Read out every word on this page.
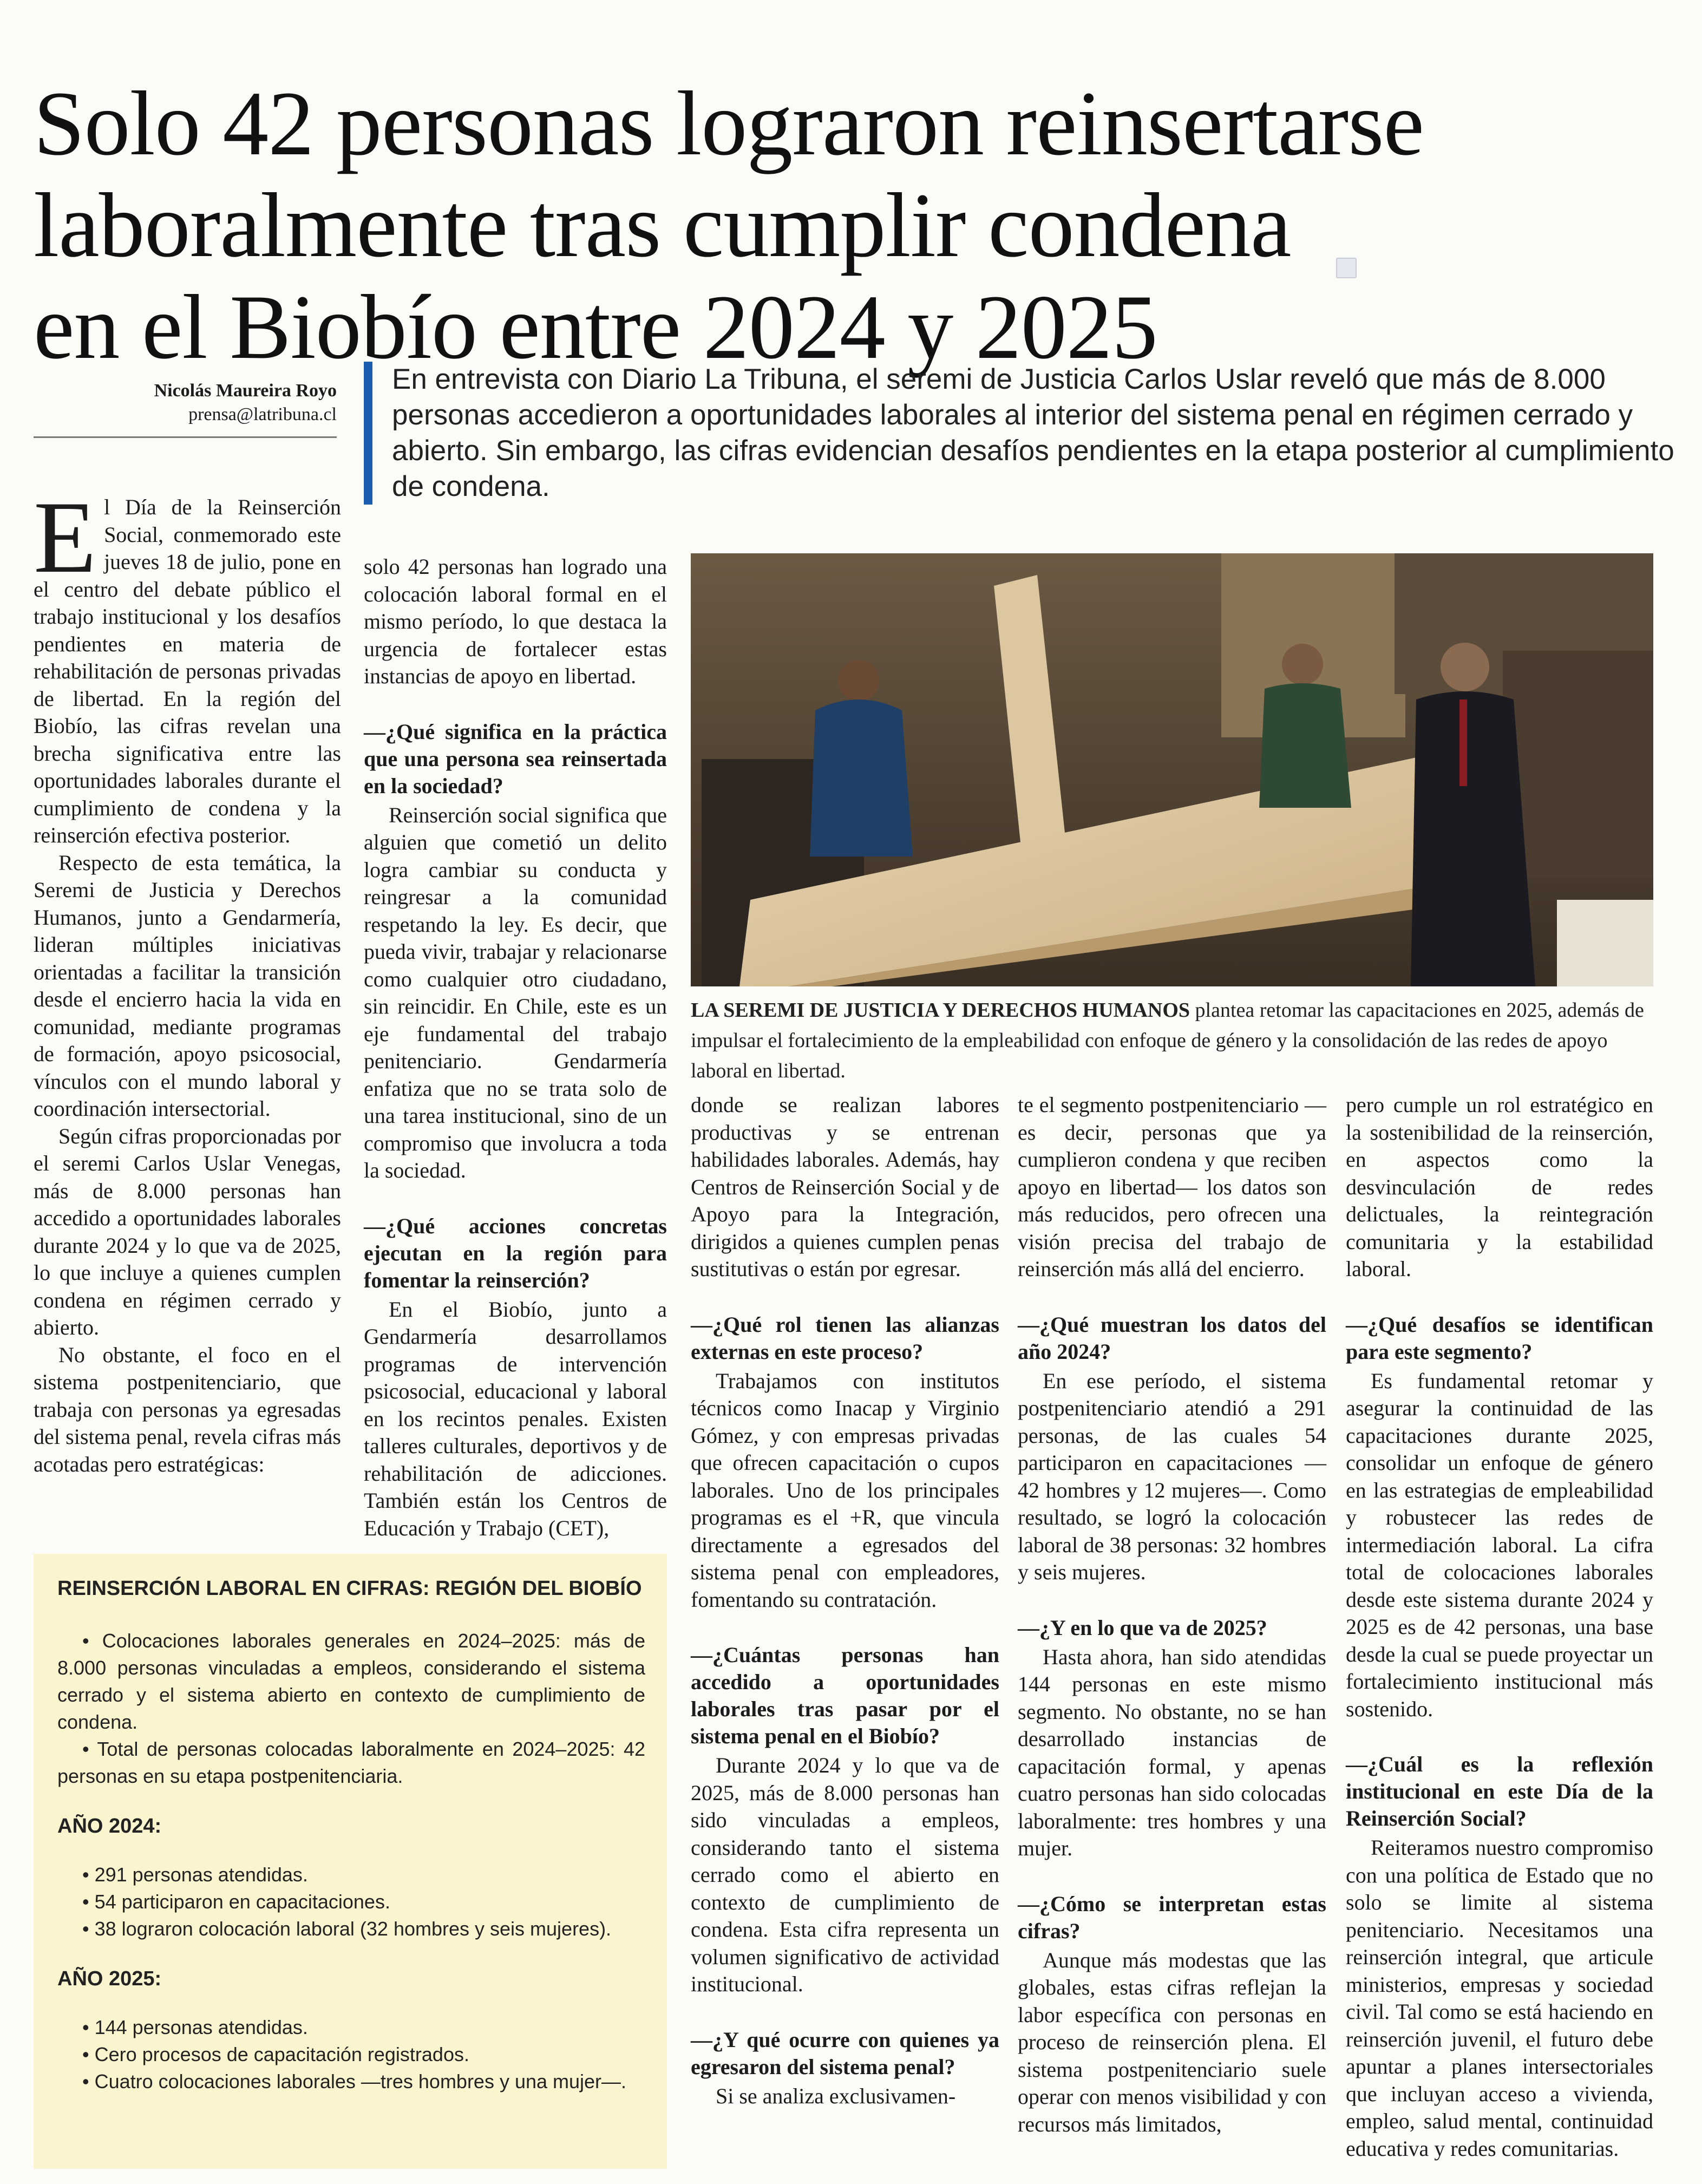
Solo 42 personas lograron reinsertarse
laboralmente tras cumplir condena
en el Biobío entre 2024 y 2025
Nicolás Maureira Royo
prensa@latribuna.cl
En entrevista con Diario La Tribuna, el seremi de Justicia Carlos Uslar reveló que más de 8.000 personas accedieron a oportunidades laborales al interior del sistema penal en régimen cerrado y abierto. Sin embargo, las cifras evidencian desafíos pendientes en la etapa posterior al cumplimiento de condena.

El Día de la Reinserción Social, conmemorado este jueves 18 de julio, pone en el centro del debate público el trabajo institucional y los desafíos pendientes en materia de rehabilitación de personas privadas de libertad. En la región del Biobío, las cifras revelan una brecha significativa entre las oportunidades laborales durante el cumplimiento de condena y la reinserción efectiva posterior.

Respecto de esta temática, la Seremi de Justicia y Derechos Humanos, junto a Gendarmería, lideran múltiples iniciativas orientadas a facilitar la transición desde el encierro hacia la vida en comunidad, mediante programas de formación, apoyo psicosocial, vínculos con el mundo laboral y coordinación intersectorial.

Según cifras proporcionadas por el seremi Carlos Uslar Venegas, más de 8.000 personas han accedido a oportunidades laborales durante 2024 y lo que va de 2025, lo que incluye a quienes cumplen condena en régimen cerrado y abierto.

No obstante, el foco en el sistema postpenitenciario, que trabaja con personas ya egresadas del sistema penal, revela cifras más acotadas pero estratégicas:

solo 42 personas han logrado una colocación laboral formal en el mismo período, lo que destaca la urgencia de fortalecer estas instancias de apoyo en libertad.

—¿Qué significa en la práctica que una persona sea reinsertada en la sociedad?

Reinserción social significa que alguien que cometió un delito logra cambiar su conducta y reingresar a la comunidad respetando la ley. Es decir, que pueda vivir, trabajar y relacionarse como cualquier otro ciudadano, sin reincidir. En Chile, este es un eje fundamental del trabajo penitenciario. Gendarmería enfatiza que no se trata solo de una tarea institucional, sino de un compromiso que involucra a toda la sociedad.

—¿Qué acciones concretas ejecutan en la región para fomentar la reinserción?

En el Biobío, junto a Gendarmería desarrollamos programas de intervención psicosocial, educacional y laboral en los recintos penales. Existen talleres culturales, deportivos y de rehabilitación de adicciones. También están los Centros de Educación y Trabajo (CET),

LA SEREMI DE JUSTICIA Y DERECHOS HUMANOS plantea retomar las capacitaciones en 2025, además de impulsar el fortalecimiento de la empleabilidad con enfoque de género y la consolidación de las redes de apoyo laboral en libertad.

donde se realizan labores productivas y se entrenan habilidades laborales. Además, hay Centros de Reinserción Social y de Apoyo para la Integración, dirigidos a quienes cumplen penas sustitutivas o están por egresar.

—¿Qué rol tienen las alianzas externas en este proceso?

Trabajamos con institutos técnicos como Inacap y Virginio Gómez, y con empresas privadas que ofrecen capacitación o cupos laborales. Uno de los principales programas es el +R, que vincula directamente a egresados del sistema penal con empleadores, fomentando su contratación.

—¿Cuántas personas han accedido a oportunidades laborales tras pasar por el sistema penal en el Biobío?

Durante 2024 y lo que va de 2025, más de 8.000 personas han sido vinculadas a empleos, considerando tanto el sistema cerrado como el abierto en contexto de cumplimiento de condena. Esta cifra representa un volumen significativo de actividad institucional.

—¿Y qué ocurre con quienes ya egresaron del sistema penal?

Si se analiza exclusivamen-

te el segmento postpenitenciario —es decir, personas que ya cumplieron condena y que reciben apoyo en libertad— los datos son más reducidos, pero ofrecen una visión precisa del trabajo de reinserción más allá del encierro.

—¿Qué muestran los datos del año 2024?

En ese período, el sistema postpenitenciario atendió a 291 personas, de las cuales 54 participaron en capacitaciones —42 hombres y 12 mujeres—. Como resultado, se logró la colocación laboral de 38 personas: 32 hombres y seis mujeres.

—¿Y en lo que va de 2025?

Hasta ahora, han sido atendidas 144 personas en este mismo segmento. No obstante, no se han desarrollado instancias de capacitación formal, y apenas cuatro personas han sido colocadas laboralmente: tres hombres y una mujer.

—¿Cómo se interpretan estas cifras?

Aunque más modestas que las globales, estas cifras reflejan la labor específica con personas en proceso de reinserción plena. El sistema postpenitenciario suele operar con menos visibilidad y con recursos más limitados,

pero cumple un rol estratégico en la sostenibilidad de la reinserción, en aspectos como la desvinculación de redes delictuales, la reintegración comunitaria y la estabilidad laboral.

—¿Qué desafíos se identifican para este segmento?

Es fundamental retomar y asegurar la continuidad de las capacitaciones durante 2025, consolidar un enfoque de género en las estrategias de empleabilidad y robustecer las redes de intermediación laboral. La cifra total de colocaciones laborales desde este sistema durante 2024 y 2025 es de 42 personas, una base desde la cual se puede proyectar un fortalecimiento institucional más sostenido.

—¿Cuál es la reflexión institucional en este Día de la Reinserción Social?

Reiteramos nuestro compromiso con una política de Estado que no solo se limite al sistema penitenciario. Necesitamos una reinserción integral, que articule ministerios, empresas y sociedad civil. Tal como se está haciendo en reinserción juvenil, el futuro debe apuntar a planes intersectoriales que incluyan acceso a vivienda, empleo, salud mental, continuidad educativa y redes comunitarias.

REINSERCIÓN LABORAL EN CIFRAS: REGIÓN DEL BIOBÍO
• Colocaciones laborales generales en 2024–2025: más de 8.000 personas vinculadas a empleos, considerando el sistema cerrado y el sistema abierto en contexto de cumplimiento de condena.
• Total de personas colocadas laboralmente en 2024–2025: 42 personas en su etapa postpenitenciaria.
AÑO 2024:
• 291 personas atendidas.
• 54 participaron en capacitaciones.
• 38 lograron colocación laboral (32 hombres y seis mujeres).
AÑO 2025:
• 144 personas atendidas.
• Cero procesos de capacitación registrados.
• Cuatro colocaciones laborales —tres hombres y una mujer—.
